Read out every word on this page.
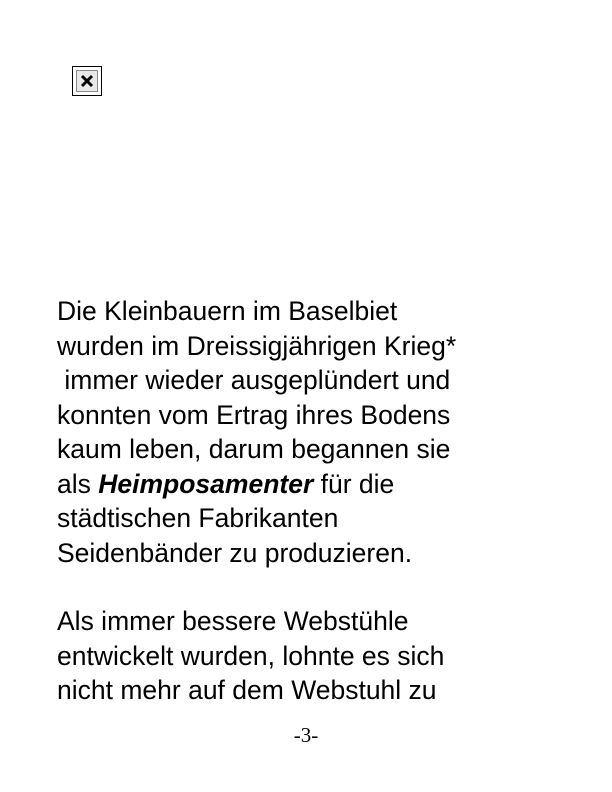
Die Kleinbauern im Baselbiet
wurden im Dreissigjährigen Krieg*
immer wieder ausgeplündert und
konnten vom Ertrag ihres Bodens
kaum leben, darum begannen sie
als Heimposamenter für die
städtischen Fabrikanten
Seidenbänder zu produzieren.
Als immer bessere Webstühle
entwickelt wurden, lohnte es sich
nicht mehr auf dem Webstuhl zu
-3-
